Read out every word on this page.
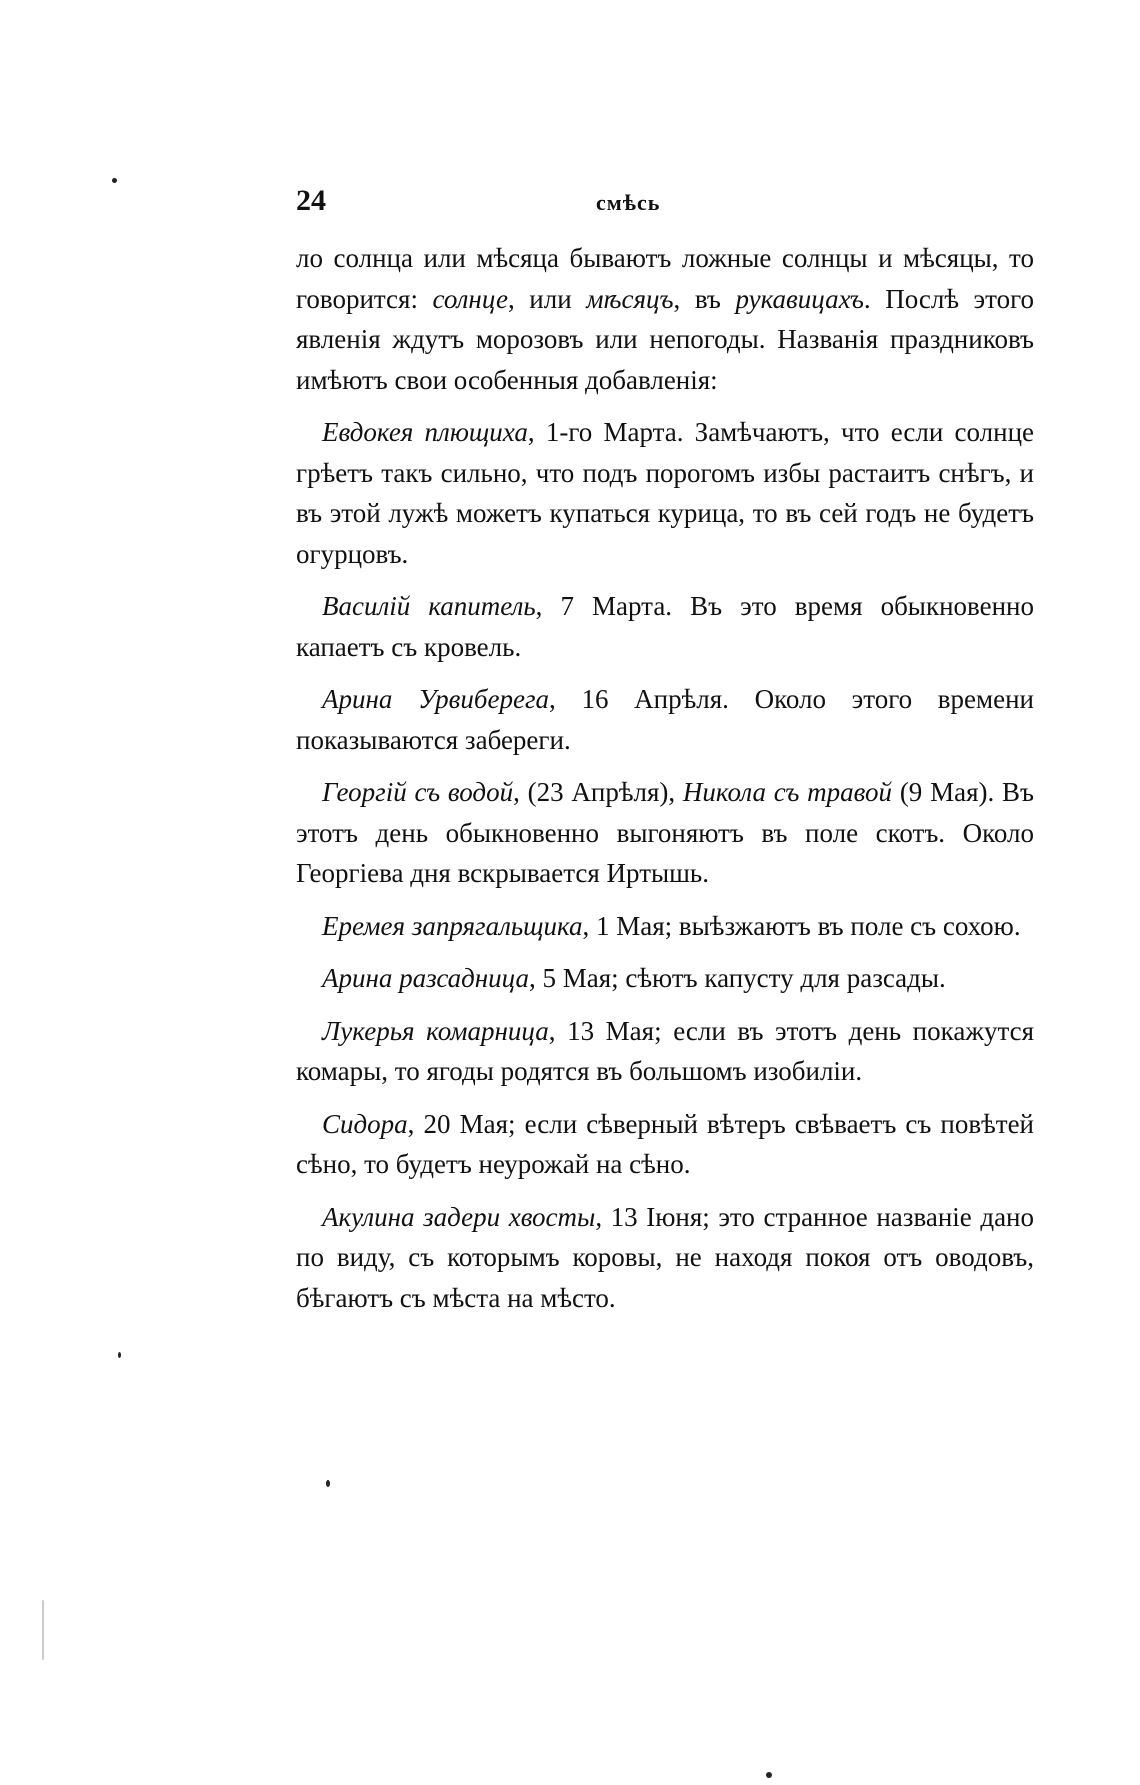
24	смѣсь

ло солнца или мѣсяца бываютъ ложные солнцы и мѣсяцы, то говорится: солнце, или мѣсяцъ, въ рукавицахъ. Послѣ этого явленія ждутъ морозовъ или непогоды. Названія праздниковъ имѣютъ свои особенныя добавленія:

Евдокея плющиха, 1-го Марта. Замѣчаютъ, что если солнце грѣетъ такъ сильно, что подъ порогомъ избы растаитъ снѣгъ, и въ этой лужѣ можетъ купаться курица, то въ сей годъ не будетъ огурцовъ.

Василій капитель, 7 Марта. Въ это время обыкновенно капаетъ съ кровель.

Арина Урвиберега, 16 Апрѣля. Около этого времени показываются забереги.

Георгій съ водой, (23 Апрѣля), Никола съ травой (9 Мая). Въ этотъ день обыкновенно выгоняютъ въ поле скотъ. Около Георгіева дня вскрывается Иртышь.

Еремея запрягальщика, 1 Мая; выѣзжаютъ въ поле съ сохою.

Арина разсадница, 5 Мая; сѣютъ капусту для разсады.

Лукерья комарница, 13 Мая; если въ этотъ день покажутся комары, то ягоды родятся въ большомъ изобиліи.

Сидора, 20 Мая; если сѣверный вѣтеръ свѣваетъ съ повѣтей сѣно, то будетъ неурожай на сѣно.

Акулина задери хвосты, 13 Іюня; это странное названіе дано по виду, съ которымъ коровы, не находя покоя отъ оводовъ, бѣгаютъ съ мѣста на мѣсто.
